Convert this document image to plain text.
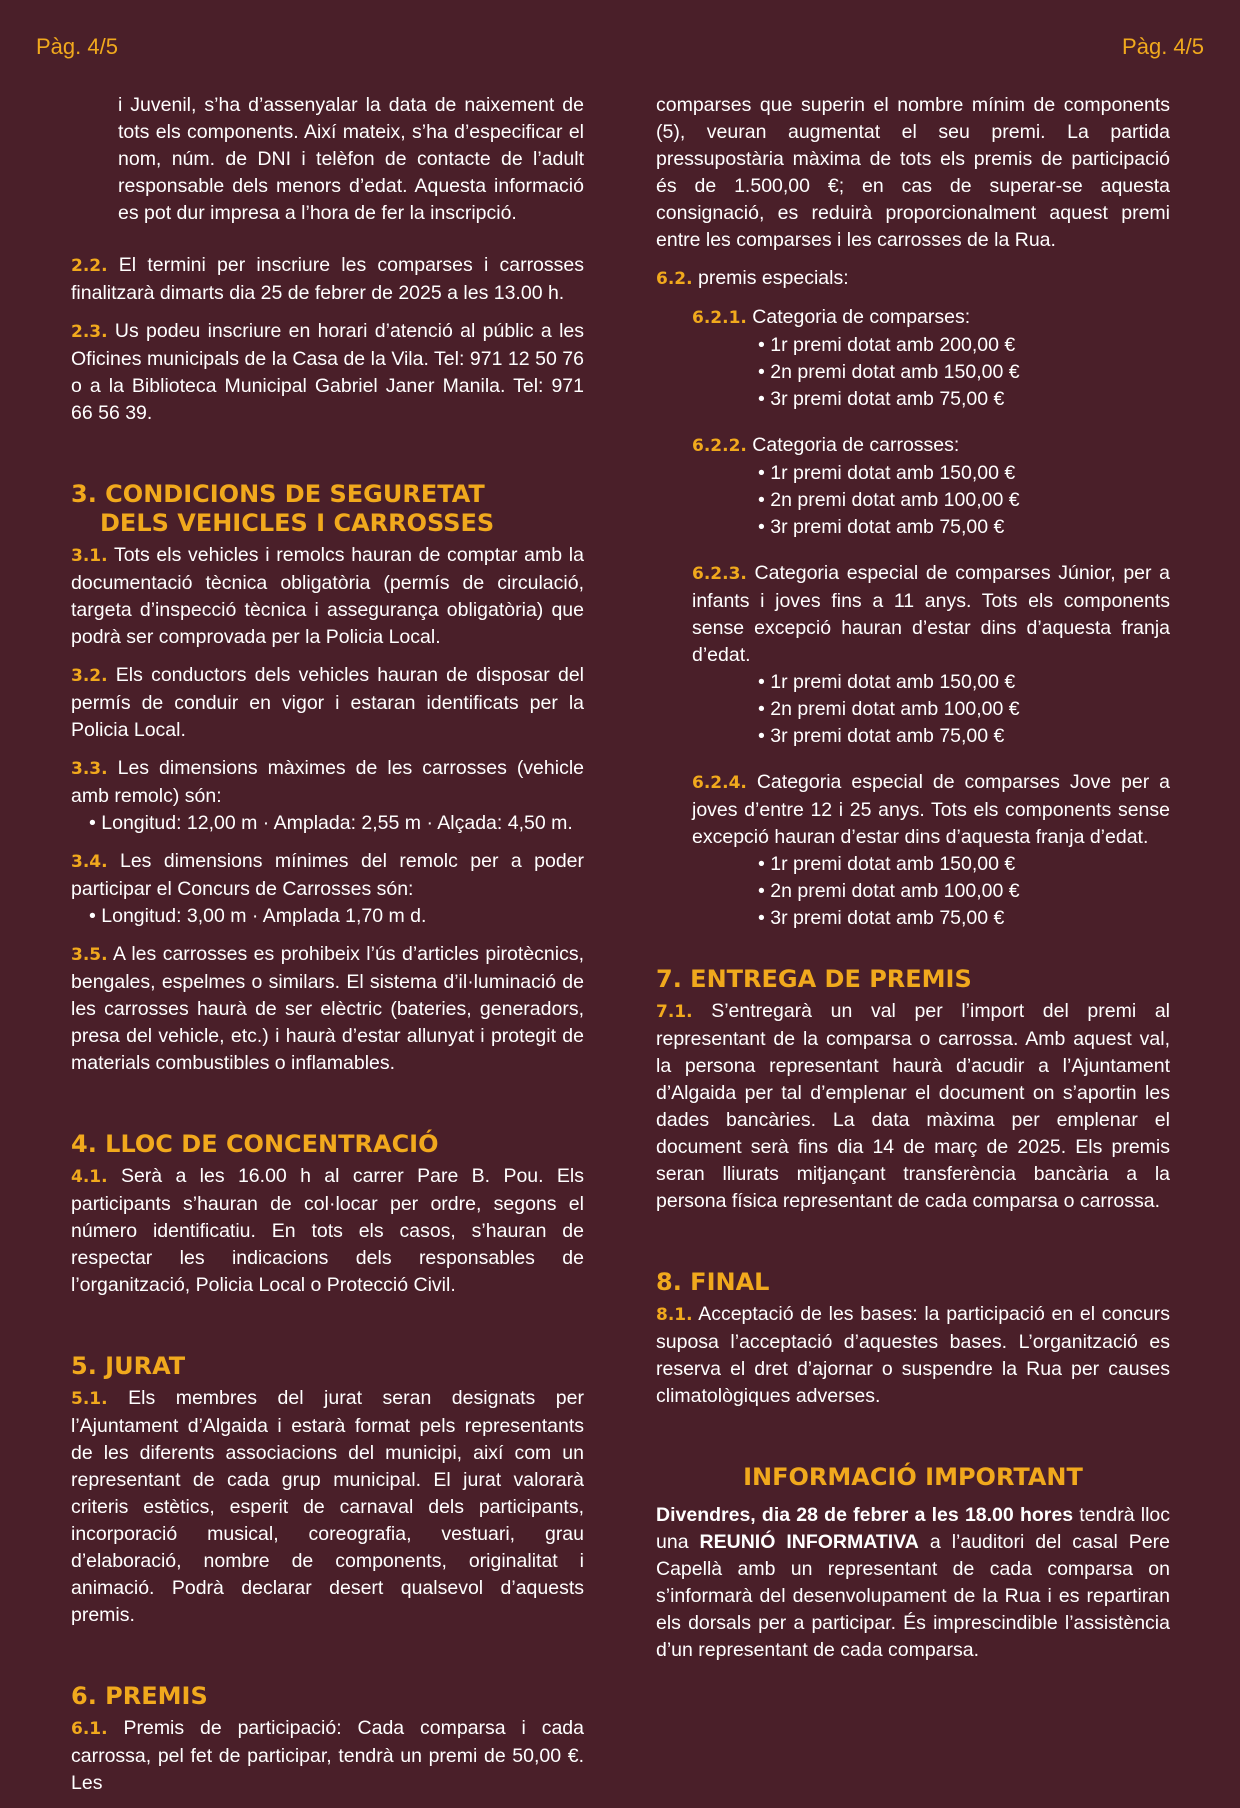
Pàg. 4/5	Pàg. 4/5

i Juvenil, s’ha d’assenyalar la data de naixement de tots els components. Així mateix, s’ha d’especificar el nom, núm. de DNI i telèfon de contacte de l’adult responsable dels menors d’edat. Aquesta informació es pot dur impresa a l’hora de fer la inscripció.

2.2. El termini per inscriure les comparses i carrosses finalitzarà dimarts dia 25 de febrer de 2025 a les 13.00 h.

2.3. Us podeu inscriure en horari d’atenció al públic a les Oficines municipals de la Casa de la Vila. Tel: 971 12 50 76 o a la Biblioteca Municipal Gabriel Janer Manila. Tel: 971 66 56 39.

3. CONDICIONS DE SEGURETAT
DELS VEHICLES I CARROSSES

3.1. Tots els vehicles i remolcs hauran de comptar amb la documentació tècnica obligatòria (permís de circulació, targeta d’inspecció tècnica i assegurança obligatòria) que podrà ser comprovada per la Policia Local.

3.2. Els conductors dels vehicles hauran de disposar del permís de conduir en vigor i estaran identificats per la Policia Local.

3.3. Les dimensions màximes de les carrosses (vehicle amb remolc) són:

• Longitud: 12,00 m · Amplada: 2,55 m · Alçada: 4,50 m.

3.4. Les dimensions mínimes del remolc per a poder participar el Concurs de Carrosses són:

• Longitud: 3,00 m · Amplada 1,70 m d.

3.5. A les carrosses es prohibeix l’ús d’articles pirotècnics, bengales, espelmes o similars. El sistema d’il·luminació de les carrosses haurà de ser elèctric (bateries, generadors, presa del vehicle, etc.) i haurà d’estar allunyat i protegit de materials combustibles o inflamables.

4. LLOC DE CONCENTRACIÓ

4.1. Serà a les 16.00 h al carrer Pare B. Pou. Els participants s’hauran de col·locar per ordre, segons el número identificatiu. En tots els casos, s’hauran de respectar les indicacions dels responsables de l’organització, Policia Local o Protecció Civil.

5. JURAT

5.1. Els membres del jurat seran designats per l’Ajuntament d’Algaida i estarà format pels representants de les diferents associacions del municipi, així com un representant de cada grup municipal. El jurat valorarà criteris estètics, esperit de carnaval dels participants, incorporació musical, coreografia, vestuari, grau d’elaboració, nombre de components, originalitat i animació. Podrà declarar desert qualsevol d’aquests premis.

6. PREMIS

6.1. Premis de participació: Cada comparsa i cada carrossa, pel fet de participar, tendrà un premi de 50,00 €. Les

comparses que superin el nombre mínim de components (5), veuran augmentat el seu premi. La partida pressupostària màxima de tots els premis de participació és de 1.500,00 €; en cas de superar-se aquesta consignació, es reduirà proporcionalment aquest premi entre les comparses i les carrosses de la Rua.

6.2. premis especials:

6.2.1. Categoria de comparses:

• 1r premi dotat amb 200,00 €
• 2n premi dotat amb 150,00 €
• 3r premi dotat amb 75,00 €

6.2.2. Categoria de carrosses:

• 1r premi dotat amb 150,00 €
• 2n premi dotat amb 100,00 €
• 3r premi dotat amb 75,00 €

6.2.3. Categoria especial de comparses Júnior, per a infants i joves fins a 11 anys. Tots els components sense excepció hauran d’estar dins d’aquesta franja d’edat.

• 1r premi dotat amb 150,00 €
• 2n premi dotat amb 100,00 €
• 3r premi dotat amb 75,00 €

6.2.4. Categoria especial de comparses Jove per a joves d’entre 12 i 25 anys. Tots els components sense excepció hauran d’estar dins d’aquesta franja d’edat.

• 1r premi dotat amb 150,00 €
• 2n premi dotat amb 100,00 €
• 3r premi dotat amb 75,00 €
7. ENTREGA DE PREMIS

7.1. S’entregarà un val per l’import del premi al representant de la comparsa o carrossa. Amb aquest val, la persona representant haurà d’acudir a l’Ajuntament d’Algaida per tal d’emplenar el document on s’aportin les dades bancàries. La data màxima per emplenar el document serà fins dia 14 de març de 2025. Els premis seran lliurats mitjançant transferència bancària a la persona física representant de cada comparsa o carrossa.

8. FINAL

8.1. Acceptació de les bases: la participació en el concurs suposa l’acceptació d’aquestes bases. L’organització es reserva el dret d’ajornar o suspendre la Rua per causes climatològiques adverses.

INFORMACIÓ IMPORTANT

Divendres, dia 28 de febrer a les 18.00 hores tendrà lloc una REUNIÓ INFORMATIVA a l’auditori del casal Pere Capellà amb un representant de cada comparsa on s’informarà del desenvolupament de la Rua i es repartiran els dorsals per a participar. És imprescindible l’assistència d’un representant de cada comparsa.
